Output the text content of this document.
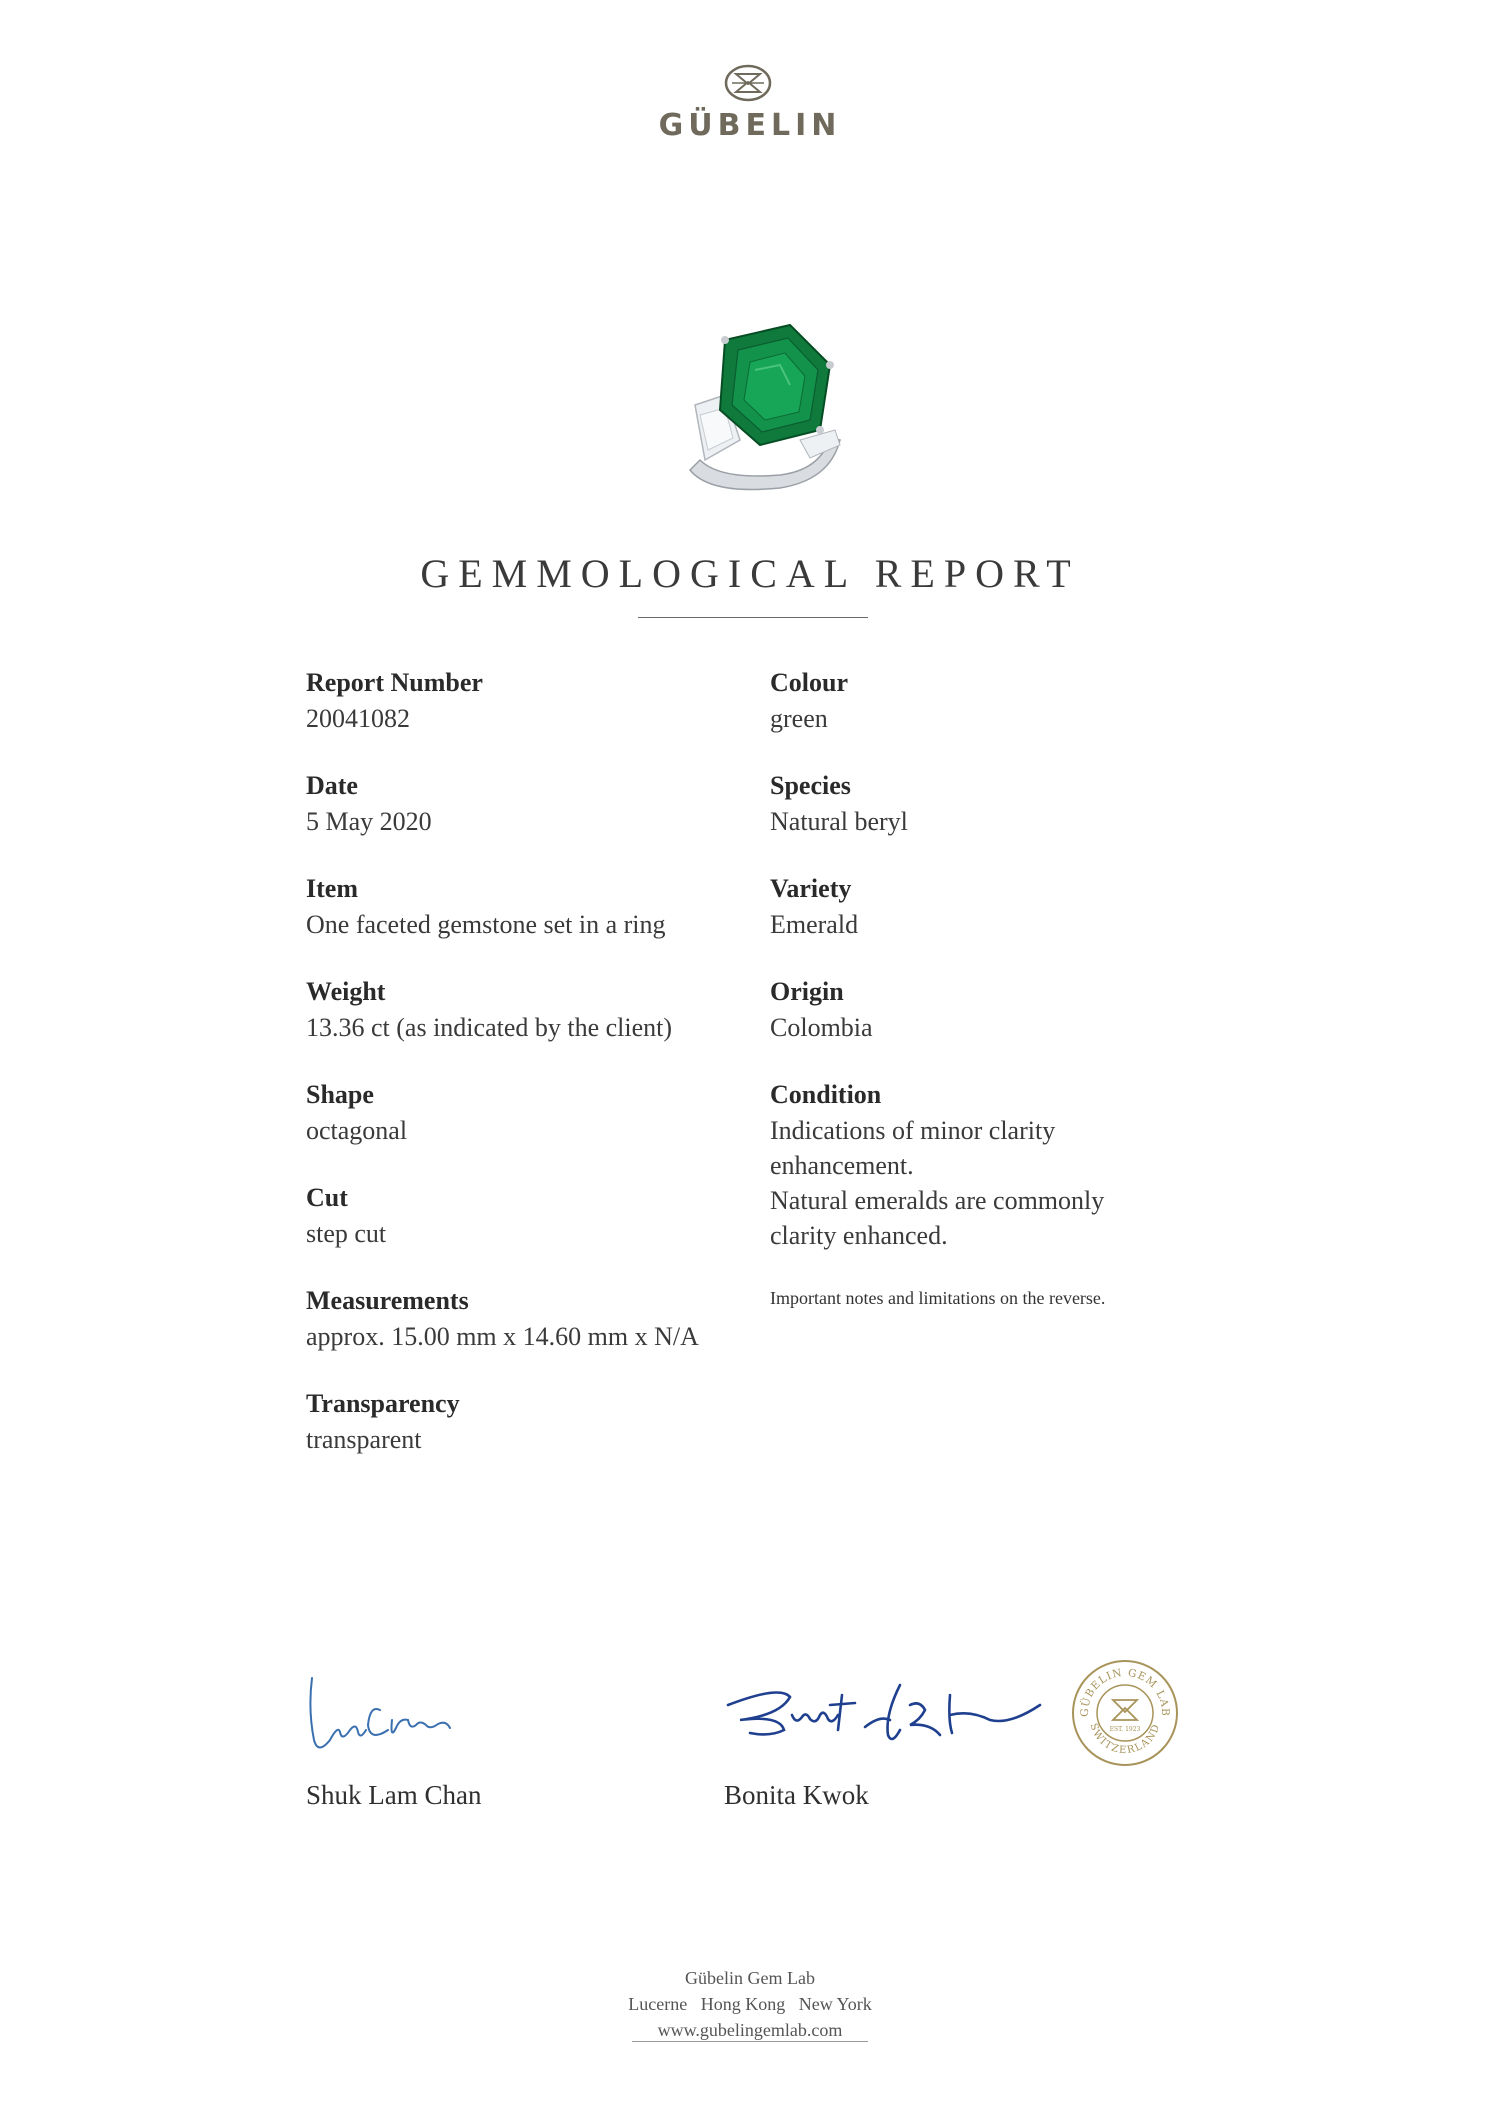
GÜBELIN
GEMMOLOGICAL REPORT
Report Number
20041082
Date
5 May 2020
Item
One faceted gemstone set in a ring
Weight
13.36 ct (as indicated by the client)
Shape
octagonal
Cut
step cut
Measurements
approx. 15.00 mm x 14.60 mm x N/A
Transparency
transparent
Colour
green
Species
Natural beryl
Variety
Emerald
Origin
Colombia
Condition
Indications of minor clarity
enhancement.
Natural emeralds are commonly
clarity enhanced.
Important notes and limitations on the reverse.
Shuk Lam Chan	Bonita Kwok
GÜBELIN GEM LAB
SWITZERLAND
EST. 1923
Gübelin Gem Lab
Lucerne   Hong Kong   New York
www.gubelingemlab.com
